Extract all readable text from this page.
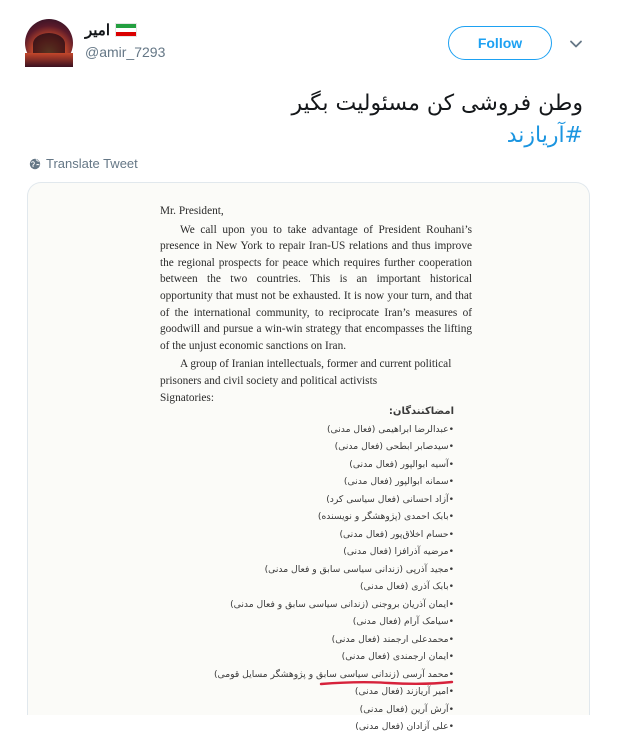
امیر
@amir_7293
Follow
وطن فروشی کن مسئولیت بگیر
#آریازند
Translate Tweet
Mr. President,
We call upon you to take advantage of President Rouhani’s presence in New York to repair Iran-US relations and thus improve the regional prospects for peace which requires further cooperation between the two countries. This is an important historical opportunity that must not be exhausted. It is now your turn, and that of the international community, to reciprocate Iran’s measures of goodwill and pursue a win-win strategy that encompasses the lifting of the unjust economic sanctions on Iran.
A group of Iranian intellectuals, former and current political prisoners and civil society and political activists
Signatories:
امضاکنندگان:
• عبدالرضا ابراهیمی (فعال مدنی)
• سیدصابر ابطحی (فعال مدنی)
• آسیه ابوالپور (فعال مدنی)
• سمانه ابوالپور (فعال مدنی)
• آزاد احسانی (فعال سیاسی کرد)
• بابک احمدی (پژوهشگر و نویسنده)
• حسام اخلاق‌پور (فعال مدنی)
• مرضیه آذرافزا (فعال مدنی)
• مجید آذرپی (زندانی سیاسی سابق و فعال مدنی)
• بابک آذری (فعال مدنی)
• ایمان آذریان بروجنی (زندانی سیاسی سابق و فعال مدنی)
• سیامک آرام (فعال مدنی)
• محمدعلی ارجمند (فعال مدنی)
• ایمان ارجمندی (فعال مدنی)
• محمد آرسی (زندانی سیاسی سابق و پژوهشگر مسایل قومی)
• امیر آریازند (فعال مدنی)
• آرش آرین (فعال مدنی)
• علی آزادان (فعال مدنی)
